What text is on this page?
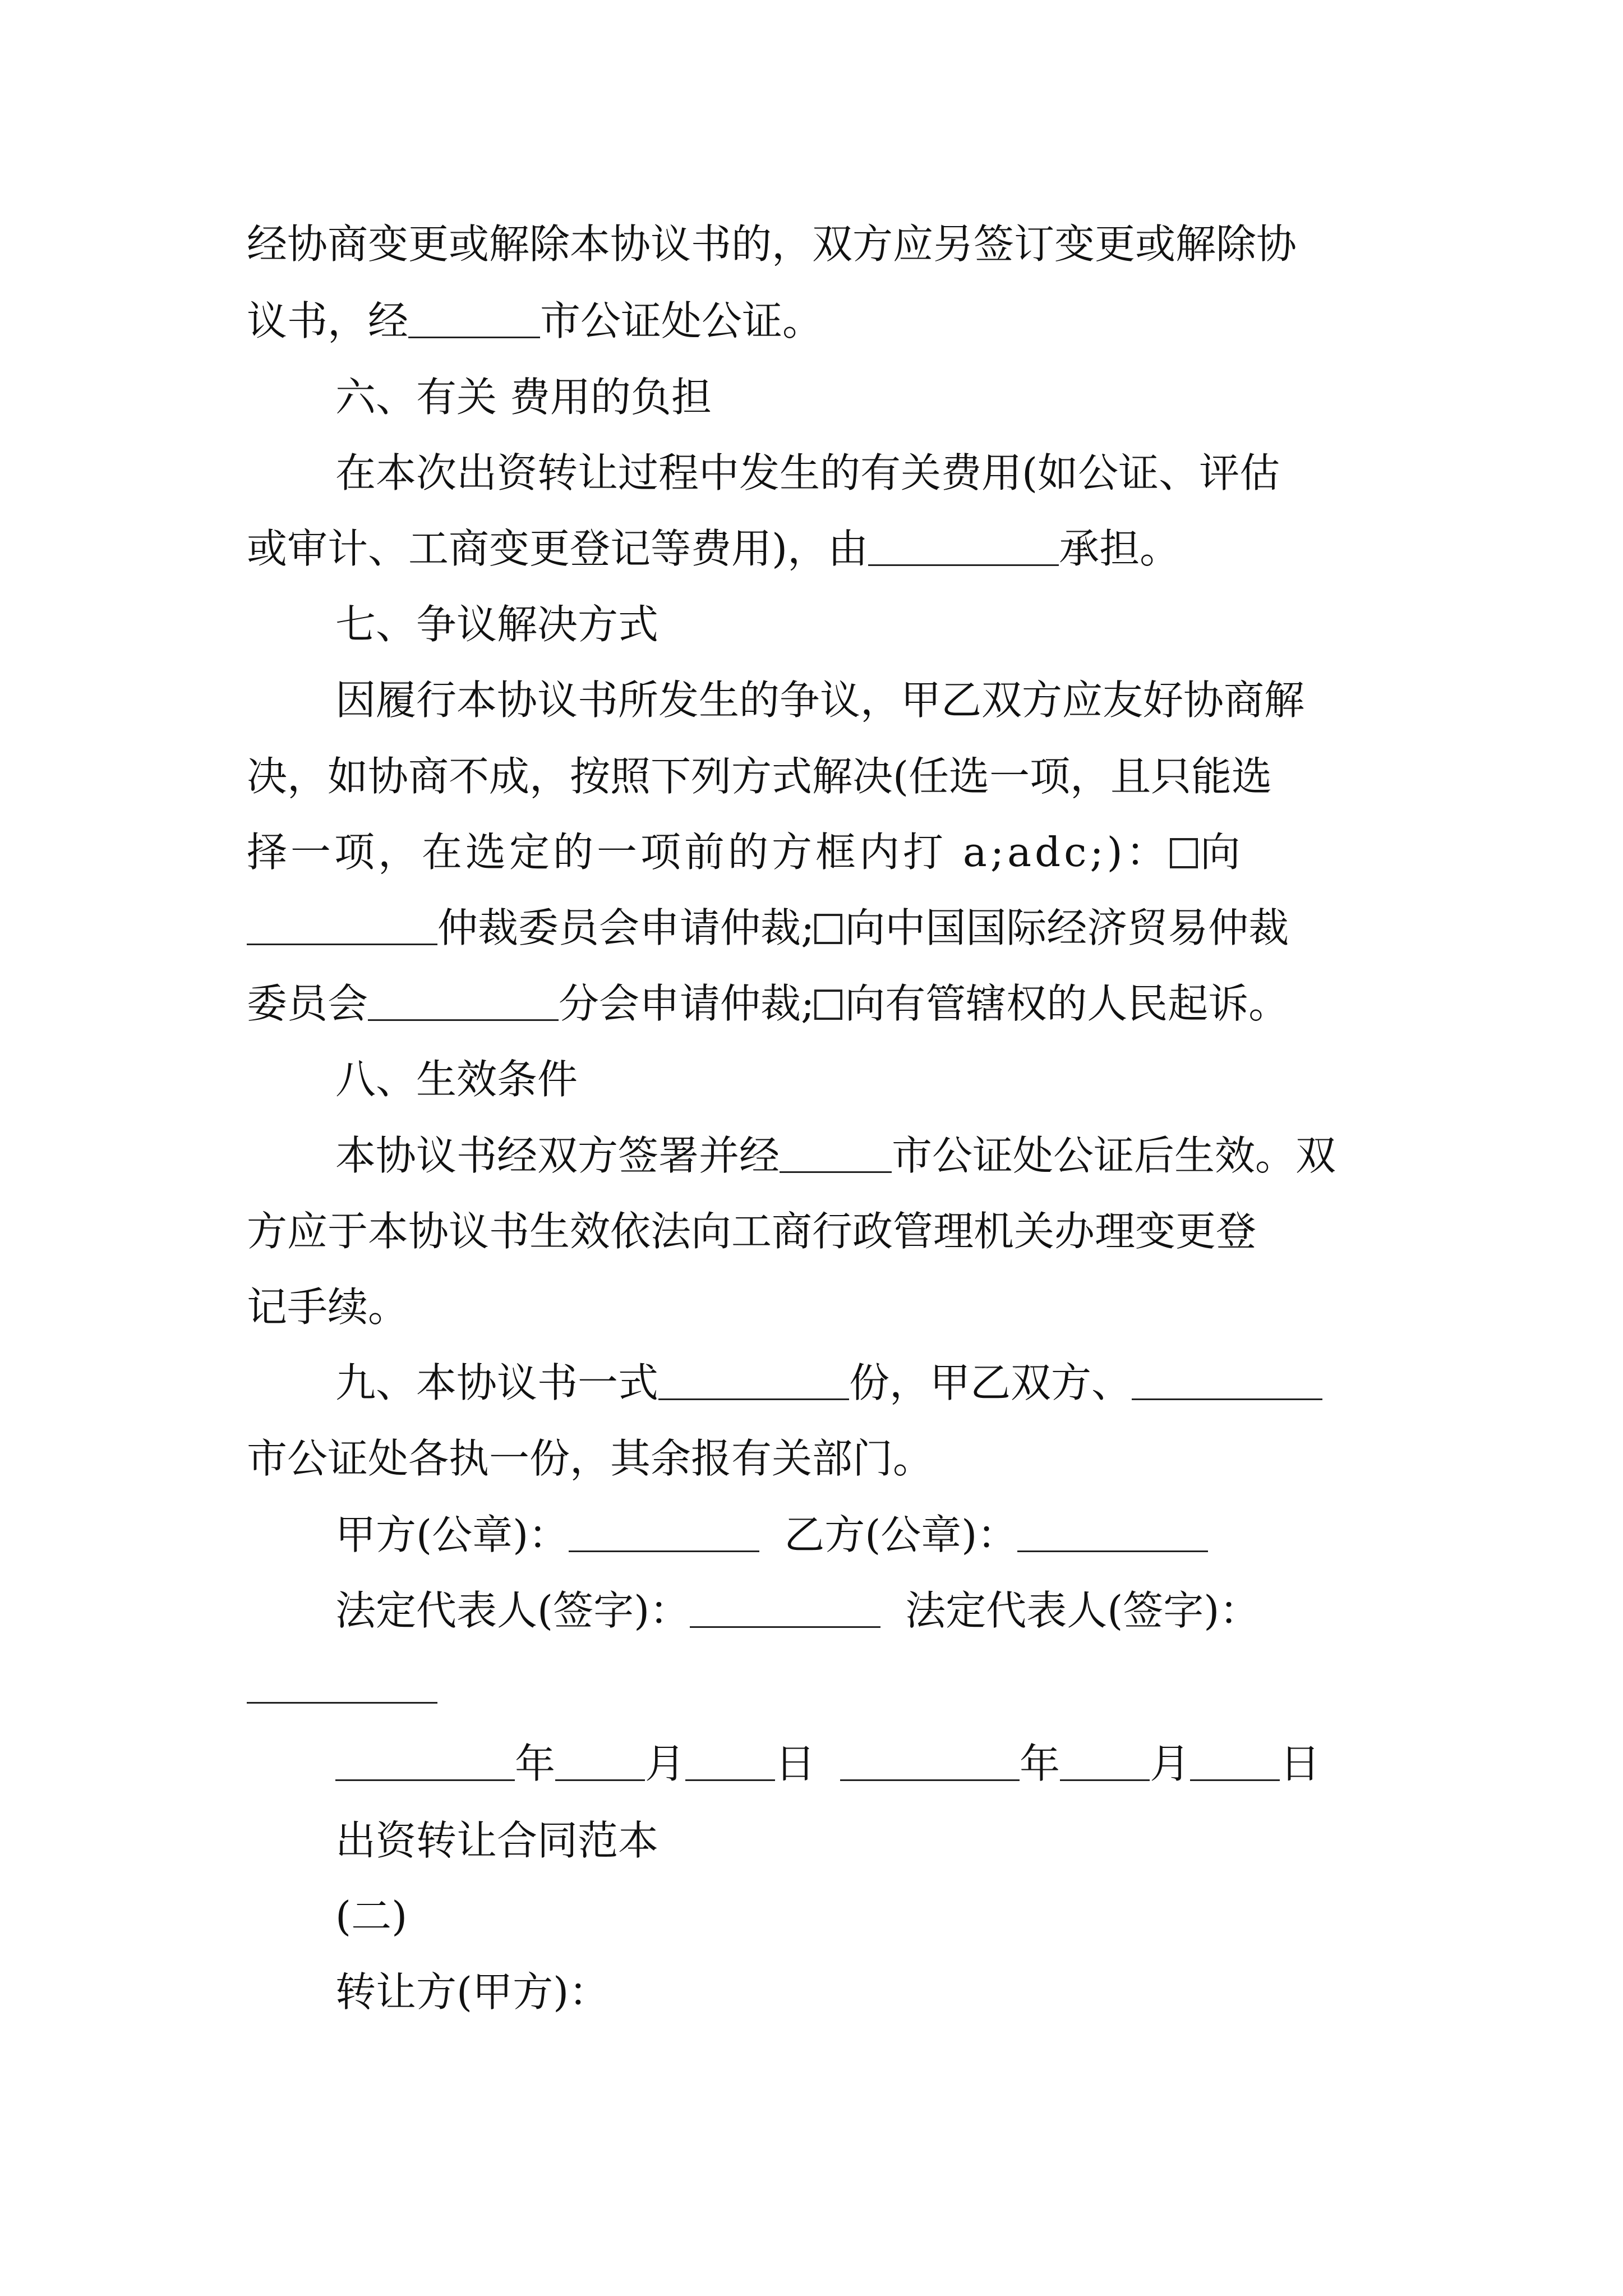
经协商变更或解除本协议书的，双方应另签订变更或解除协
议书，经	市公证处公证。
六、有关 费用的负担
在本次出资转让过程中发生的有关费用(如公证、评估
或审计、工商变更登记等费用)，由	承担。
七、争议解决方式
因履行本协议书所发生的争议，甲乙双方应友好协商解
决，如协商不成，按照下列方式解决(任选一项，且只能选
择一项，在选定的一项前的方框内打 a;adc;)： 向
仲裁委员会申请仲裁; 向中国国际经济贸易仲裁
委员会	分会申请仲裁; 向有管辖权的人民起诉。
八、生效条件
本协议书经双方签署并经	市公证处公证后生效。双
方应于本协议书生效依法向工商行政管理机关办理变更登
记手续。
九、本协议书一式	份，甲乙双方、
市公证处各执一份，其余报有关部门。
甲方(公章)：	乙方(公章)：
法定代表人(签字)：	法定代表人(签字)：
年 月 日	年 月 日
出资转让合同范本
(二)
转让方(甲方)：
